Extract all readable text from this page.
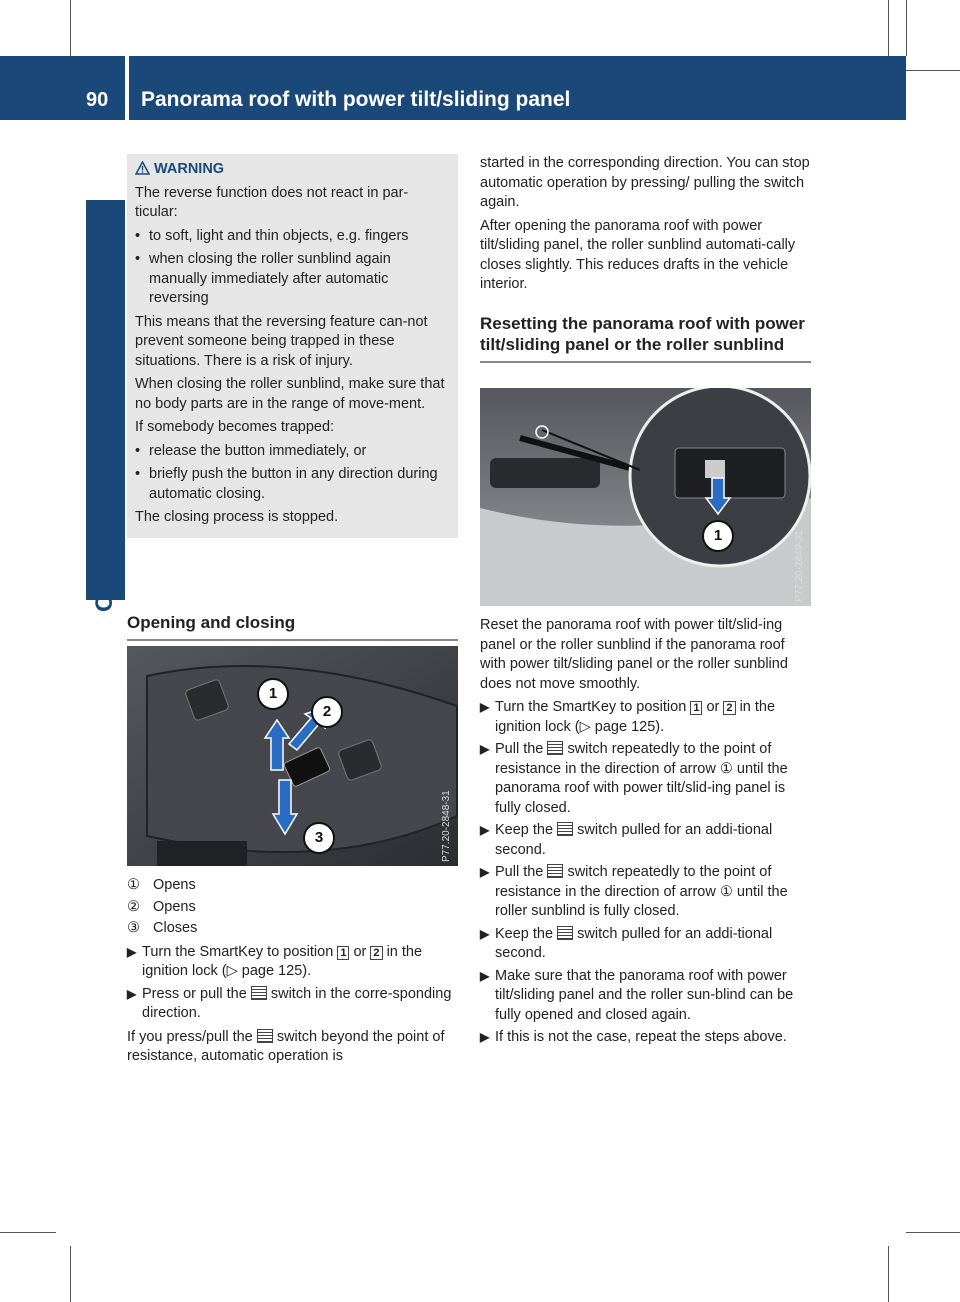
90	Panorama roof with power tilt/sliding panel
Opening and closing
WARNING

The reverse function does not react in par-ticular:

• to soft, light and thin objects, e.g. fingers
• when closing the roller sunblind again manually immediately after automatic reversing

This means that the reversing feature can-not prevent someone being trapped in these situations. There is a risk of injury.

When closing the roller sunblind, make sure that no body parts are in the range of move-ment.

If somebody becomes trapped:

• release the button immediately, or
• briefly push the button in any direction during automatic closing.

The closing process is stopped.

Opening and closing
1
2
3	P77.20-2848-31
① Opens
② Opens
③ Closes
▶ Turn the SmartKey to position 1 or 2 in the ignition lock (▷ page 125).
▶ Press or pull the switch in the corre-sponding direction.

If you press/pull the switch beyond the point of resistance, automatic operation is

started in the corresponding direction. You can stop automatic operation by pressing/ pulling the switch again.

After opening the panorama roof with power tilt/sliding panel, the roller sunblind automati-cally closes slightly. This reduces drafts in the vehicle interior.

Resetting the panorama roof with power tilt/sliding panel or the roller sunblind
1	P77.20-2849-31

Reset the panorama roof with power tilt/slid-ing panel or the roller sunblind if the panorama roof with power tilt/sliding panel or the roller sunblind does not move smoothly.

▶ Turn the SmartKey to position 1 or 2 in the ignition lock (▷ page 125).
▶ Pull the switch repeatedly to the point of resistance in the direction of arrow ① until the panorama roof with power tilt/slid-ing panel is fully closed.
▶ Keep the switch pulled for an addi-tional second.
▶ Pull the switch repeatedly to the point of resistance in the direction of arrow ① until the roller sunblind is fully closed.
▶ Keep the switch pulled for an addi-tional second.
▶ Make sure that the panorama roof with power tilt/sliding panel and the roller sun-blind can be fully opened and closed again.
▶ If this is not the case, repeat the steps above.
